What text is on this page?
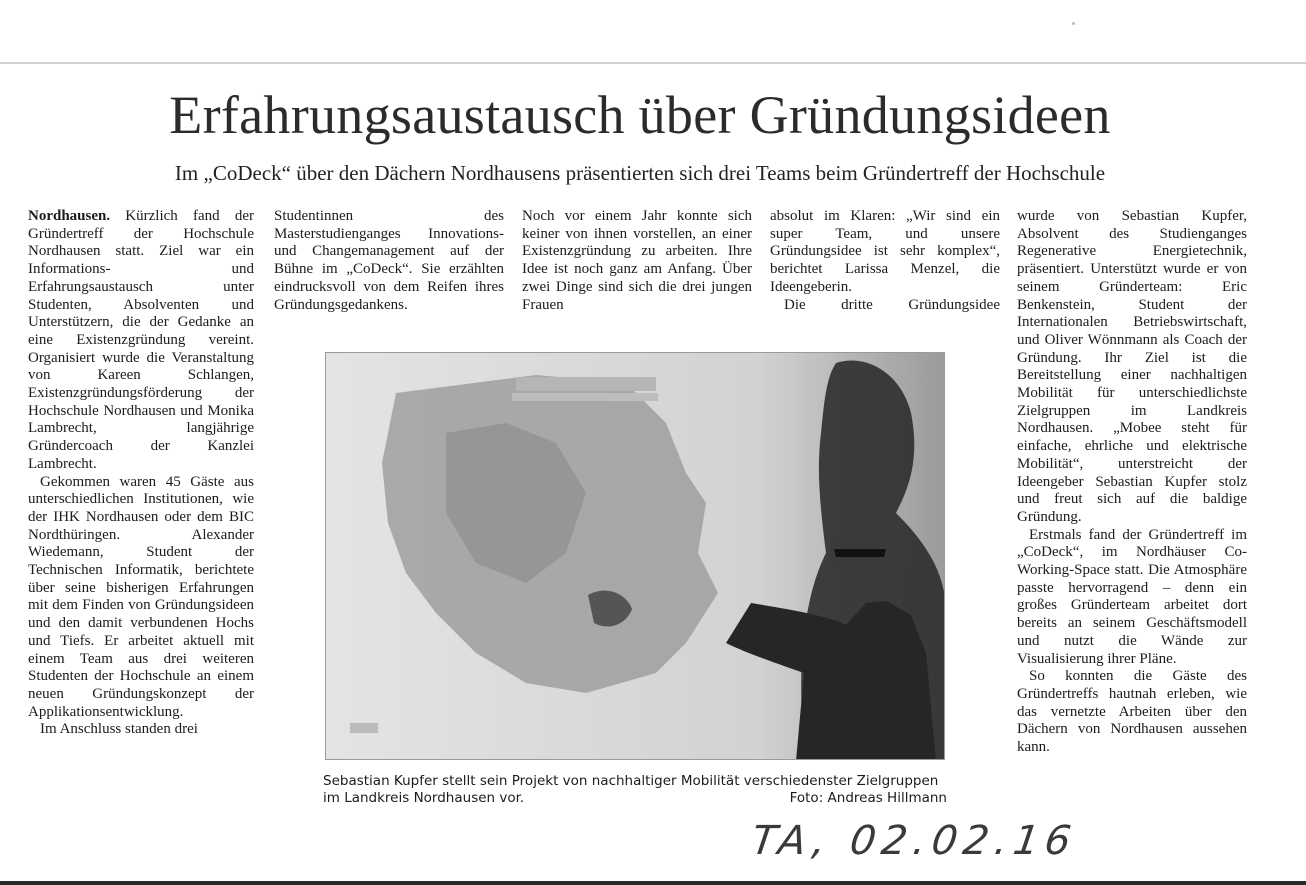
Erfahrungsaustausch über Gründungsideen
Im „CoDeck“ über den Dächern Nordhausens präsentierten sich drei Teams beim Gründertreff der Hochschule

Nordhausen. Kürzlich fand der Gründertreff der Hochschule Nordhausen statt. Ziel war ein Informations- und Erfahrungsaustausch unter Studenten, Absolventen und Unterstützern, die der Gedanke an eine Existenzgründung vereint. Organisiert wurde die Veranstaltung von Kareen Schlangen, Existenzgründungsförderung der Hochschule Nordhausen und Monika Lambrecht, langjährige Gründercoach der Kanzlei Lambrecht.

Gekommen waren 45 Gäste aus unterschiedlichen Institutionen, wie der IHK Nordhausen oder dem BIC Nordthüringen. Alexander Wiedemann, Student der Technischen Informatik, berichtete über seine bisherigen Erfahrungen mit dem Finden von Gründungsideen und den damit verbundenen Hochs und Tiefs. Er arbeitet aktuell mit einem Team aus drei weiteren Studenten der Hochschule an einem neuen Gründungskonzept der Applikationsentwicklung.

Im Anschluss standen drei

Studentinnen des Masterstudienganges Innovations- und Changemanagement auf der Bühne im „CoDeck“. Sie erzählten eindrucksvoll von dem Reifen ihres Gründungsgedankens.

Noch vor einem Jahr konnte sich keiner von ihnen vorstellen, an einer Existenzgründung zu arbeiten. Ihre Idee ist noch ganz am Anfang. Über zwei Dinge sind sich die drei jungen Frauen

absolut im Klaren: „Wir sind ein super Team, und unsere Gründungsidee ist sehr komplex“, berichtet Larissa Menzel, die Ideengeberin.

Die dritte Gründungsidee

wurde von Sebastian Kupfer, Absolvent des Studienganges Regenerative Energietechnik, präsentiert. Unterstützt wurde er von seinem Gründerteam: Eric Benkenstein, Student der Internationalen Betriebswirtschaft, und Oliver Wönnmann als Coach der Gründung. Ihr Ziel ist die Bereitstellung einer nachhaltigen Mobilität für unterschiedlichste Zielgruppen im Landkreis Nordhausen. „Mobee steht für einfache, ehrliche und elektrische Mobilität“, unterstreicht der Ideengeber Sebastian Kupfer stolz und freut sich auf die baldige Gründung.

Erstmals fand der Gründertreff im „CoDeck“, im Nordhäuser Co-Working-Space statt. Die Atmosphäre passte hervorragend – denn ein großes Gründerteam arbeitet dort bereits an seinem Geschäftsmodell und nutzt die Wände zur Visualisierung ihrer Pläne.

So konnten die Gäste des Gründertreffs hautnah erleben, wie das vernetzte Arbeiten über den Dächern von Nordhausen aussehen kann.

Sebastian Kupfer stellt sein Projekt von nachhaltiger Mobilität verschiedenster Zielgruppen im Landkreis Nordhausen vor.	Foto: Andreas Hillmann
TA, 02.02.16
